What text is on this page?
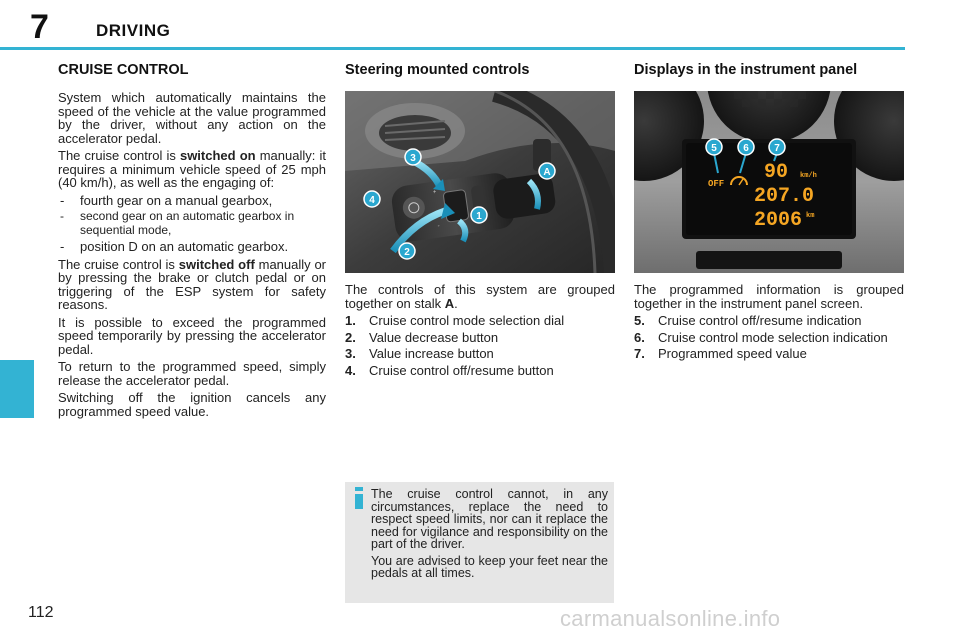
7	DRIVING
CRUISE CONTROL

System which automatically maintains the speed of the vehicle at the value programmed by the driver, without any action on the accelerator pedal.

The cruise control is switched on manually: it requires a minimum vehicle speed of 25 mph (40 km/h), as well as the engaging of:

- fourth gear on a manual gearbox,
- second gear on an automatic gearbox in sequential mode,
- position D on an automatic gearbox.

The cruise control is switched off manually or by pressing the brake or clutch pedal or on triggering of the ESP system for safety reasons.

It is possible to exceed the programmed speed temporarily by pressing the accelerator pedal.

To return to the programmed speed, simply release the accelerator pedal.

Switching off the ignition cancels any programmed speed value.

Steering mounted controls
+
-
1
2
3
4
A

The controls of this system are grouped together on stalk A.

1.	Cruise control mode selection dial
2.	Value decrease button
3.	Value increase button
4.	Cruise control off/resume button
Displays in the instrument panel
OFF 90 km/h
207.0
2006 km
5	6	7

The programmed information is grouped together in the instrument panel screen.

5.	Cruise control off/resume indication
6.	Cruise control mode selection indication
7.	Programmed speed value

The cruise control cannot, in any circumstances, replace the need to respect speed limits, nor can it replace the need for vigilance and responsibility on the part of the driver.

You are advised to keep your feet near the pedals at all times.

112	carmanualsonline.info
